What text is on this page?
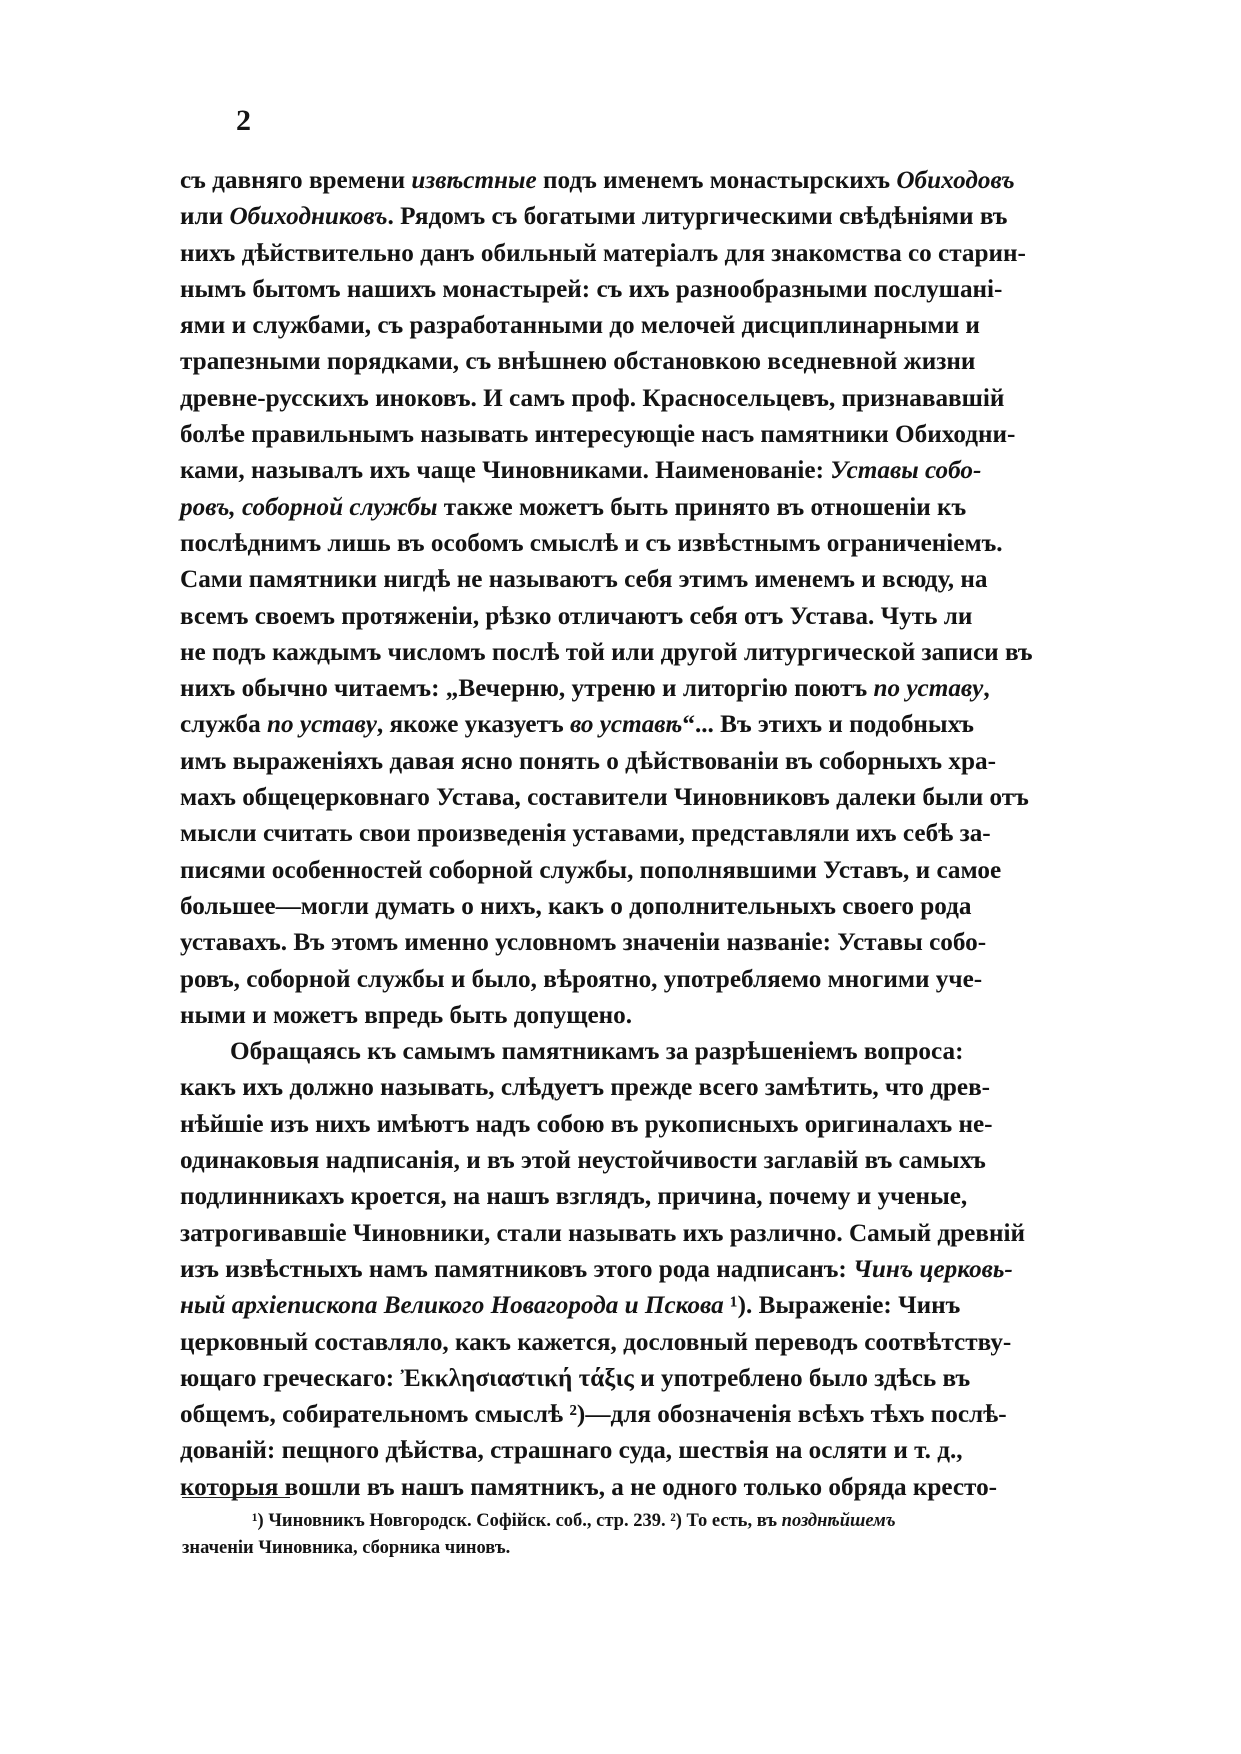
2
съ давняго времени извѣстные подъ именемъ монастырскихъ Обиходовъ
или Обиходниковъ. Рядомъ съ богатыми литургическими свѣдѣніями въ
нихъ дѣйствительно данъ обильный матеріалъ для знакомства со старин-
нымъ бытомъ нашихъ монастырей: съ ихъ разнообразными послушані-
ями и службами, съ разработанными до мелочей дисциплинарными и
трапезными порядками, съ внѣшнею обстановкою вседневной жизни
древне-русскихъ иноковъ. И самъ проф. Красносельцевъ, признававшій
болѣе правильнымъ называть интересующіе насъ памятники Обиходни-
ками, называлъ ихъ чаще Чиновниками. Наименованіе: Уставы собо-
ровъ, соборной службы также можетъ быть принято въ отношеніи къ
послѣднимъ лишь въ особомъ смыслѣ и съ извѣстнымъ ограниченіемъ.
Сами памятники нигдѣ не называютъ себя этимъ именемъ и всюду, на
всемъ своемъ протяженіи, рѣзко отличаютъ себя отъ Устава. Чуть ли
не подъ каждымъ числомъ послѣ той или другой литургической записи въ
нихъ обычно читаемъ: „Вечерню, утреню и литоргію поютъ по уставу,
служба по уставу, якоже указуетъ во уставѣ“... Въ этихъ и подобныхъ
имъ выраженіяхъ давая ясно понять о дѣйствованіи въ соборныхъ хра-
махъ общецерковнаго Устава, составители Чиновниковъ далеки были отъ
мысли считать свои произведенія уставами, представляли ихъ себѣ за-
писями особенностей соборной службы, пополнявшими Уставъ, и самое
большее—могли думать о нихъ, какъ о дополнительныхъ своего рода
уставахъ. Въ этомъ именно условномъ значеніи названіе: Уставы собо-
ровъ, соборной службы и было, вѣроятно, употребляемо многими уче-
ными и можетъ впредь быть допущено.
Обращаясь къ самымъ памятникамъ за разрѣшеніемъ вопроса:
какъ ихъ должно называть, слѣдуетъ прежде всего замѣтить, что древ-
нѣйшіе изъ нихъ имѣютъ надъ собою въ рукописныхъ оригиналахъ не-
одинаковыя надписанія, и въ этой неустойчивости заглавій въ самыхъ
подлинникахъ кроется, на нашъ взглядъ, причина, почему и ученые,
затрогивавшіе Чиновники, стали называть ихъ различно. Самый древній
изъ извѣстныхъ намъ памятниковъ этого рода надписанъ: Чинъ церковь-
ный архіепископа Великого Новагорода и Пскова ¹). Выраженіе: Чинъ
церковный составляло, какъ кажется, дословный переводъ соотвѣтству-
ющаго греческаго: Ἐκκλησιαστική τάξις и употреблено было здѣсь въ
общемъ, собирательномъ смыслѣ ²)—для обозначенія всѣхъ тѣхъ послѣ-
дованій: пещного дѣйства, страшнаго суда, шествія на осляти и т. д.,
которыя вошли въ нашъ памятникъ, а не одного только обряда кресто-
¹) Чиновникъ Новгородск. Софійск. соб., стр. 239. ²) То есть, въ позднѣйшемъ
значеніи Чиновника, сборника чиновъ.
